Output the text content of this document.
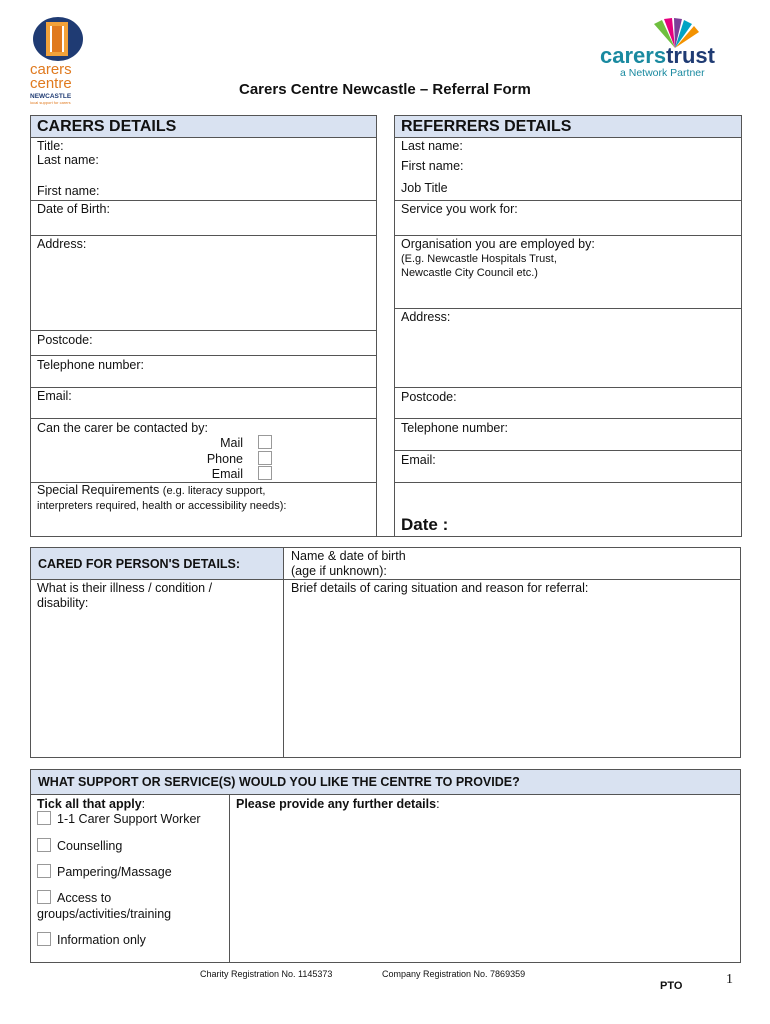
carers
centre
NEWCASTLE
local support for carers
carerstrust
a Network Partner
Carers Centre Newcastle – Referral Form
CARERS DETAILS
Title:
Last name:
First name:
Date of Birth:
Address:
Postcode:
Telephone number:
Email:
Can the carer be contacted by:
Mail
Phone
Email
Special Requirements (e.g. literacy support,
interpreters required, health or accessibility needs):
REFERRERS DETAILS
Last name:
First name:
Job Title
Service you work for:
Organisation you are employed by:
(E.g. Newcastle Hospitals Trust,
Newcastle City Council etc.)
Address:
Postcode:
Telephone number:
Email:
Date :
CARED FOR PERSON'S DETAILS:
Name & date of birth
(age if unknown):
What is their illness / condition /
disability:
Brief details of caring situation and reason for referral:
WHAT SUPPORT OR SERVICE(S) WOULD YOU LIKE THE CENTRE TO PROVIDE?
Tick all that apply:	Please provide any further details:
1-1 Carer Support Worker
Counselling
Pampering/Massage
Access to
groups/activities/training
Information only
Charity Registration No. 1145373	Company Registration No. 7869359
PTO	1
